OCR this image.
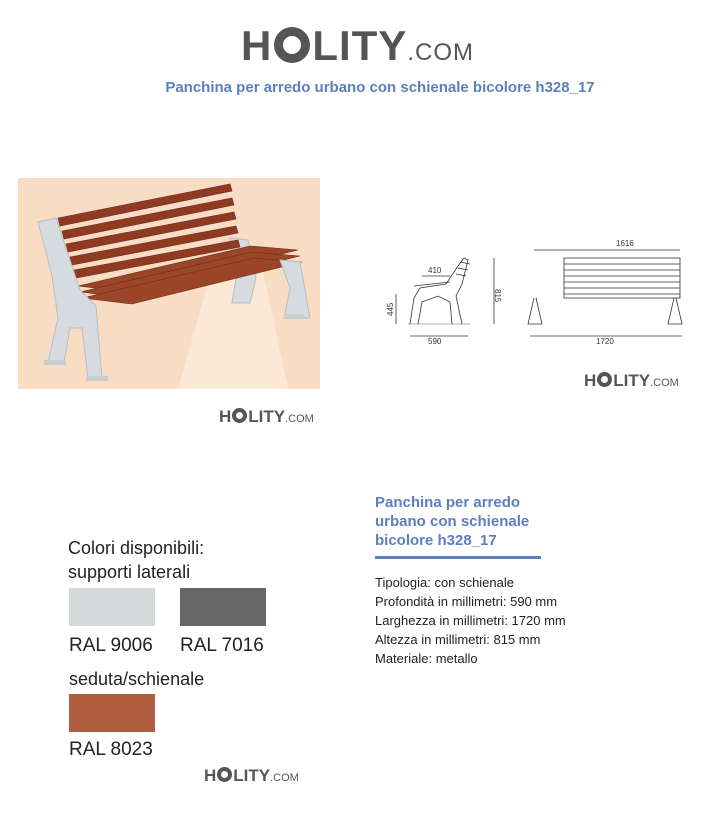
H LITY .COM
Panchina per arredo urbano con schienale bicolore h328_17
H LITY .COM
410
445
815
590
1616
1720
H LITY .COM
Colori disponibili:
supporti laterali
RAL 9006 RAL 7016
seduta/schienale
RAL 8023
H LITY .COM
Panchina per arredo urbano con schienale bicolore h328_17
Tipologia: con schienale
Profondità in millimetri: 590 mm
Larghezza in millimetri: 1720 mm
Altezza in millimetri: 815 mm
Materiale: metallo
